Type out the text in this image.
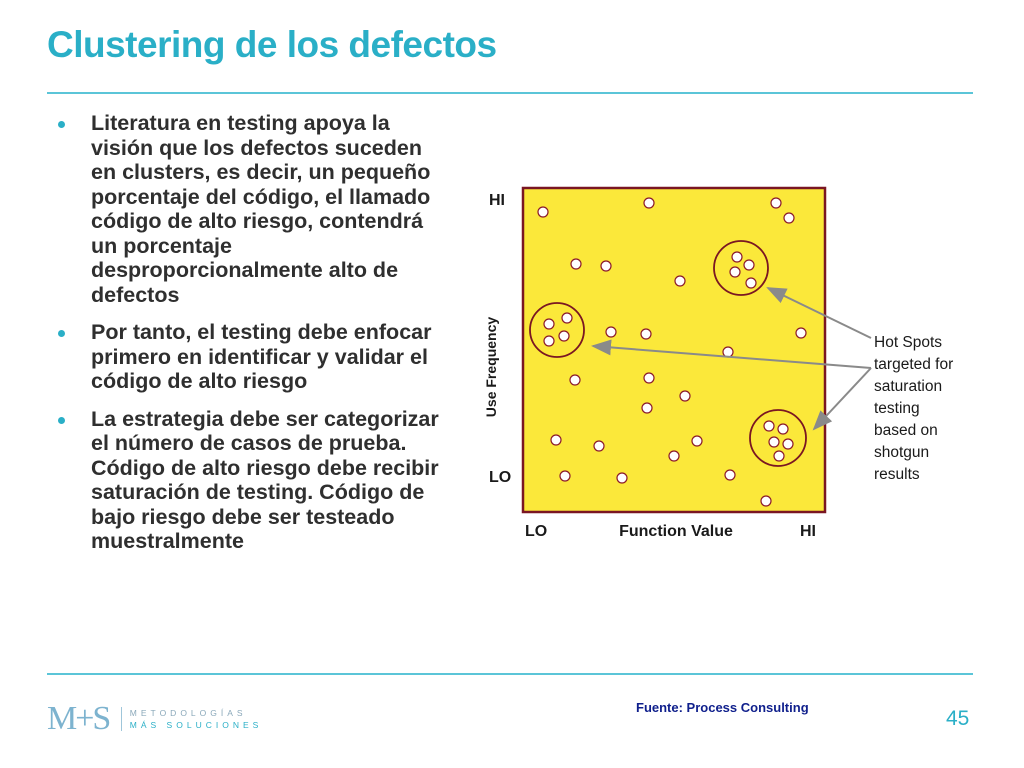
Clustering de los defectos
Literatura en testing apoya la visión que los defectos suceden en clusters, es decir, un pequeño porcentaje del código, el llamado código de alto riesgo, contendrá un porcentaje desproporcionalmente alto de defectos
Por tanto, el testing debe enfocar primero en identificar y validar el código de alto riesgo
La estrategia debe ser categorizar el número de casos de prueba. Código de alto riesgo debe recibir saturación de testing. Código de bajo riesgo debe ser testeado muestralmente
HI
LO
Use Frequency
LO	Function Value	HI
Hot Spots
targeted for
saturation
testing
based on
shotgun
results
M+S METODOLOGÍAS
MÁS SOLUCIONES
Fuente: Process Consulting	45
